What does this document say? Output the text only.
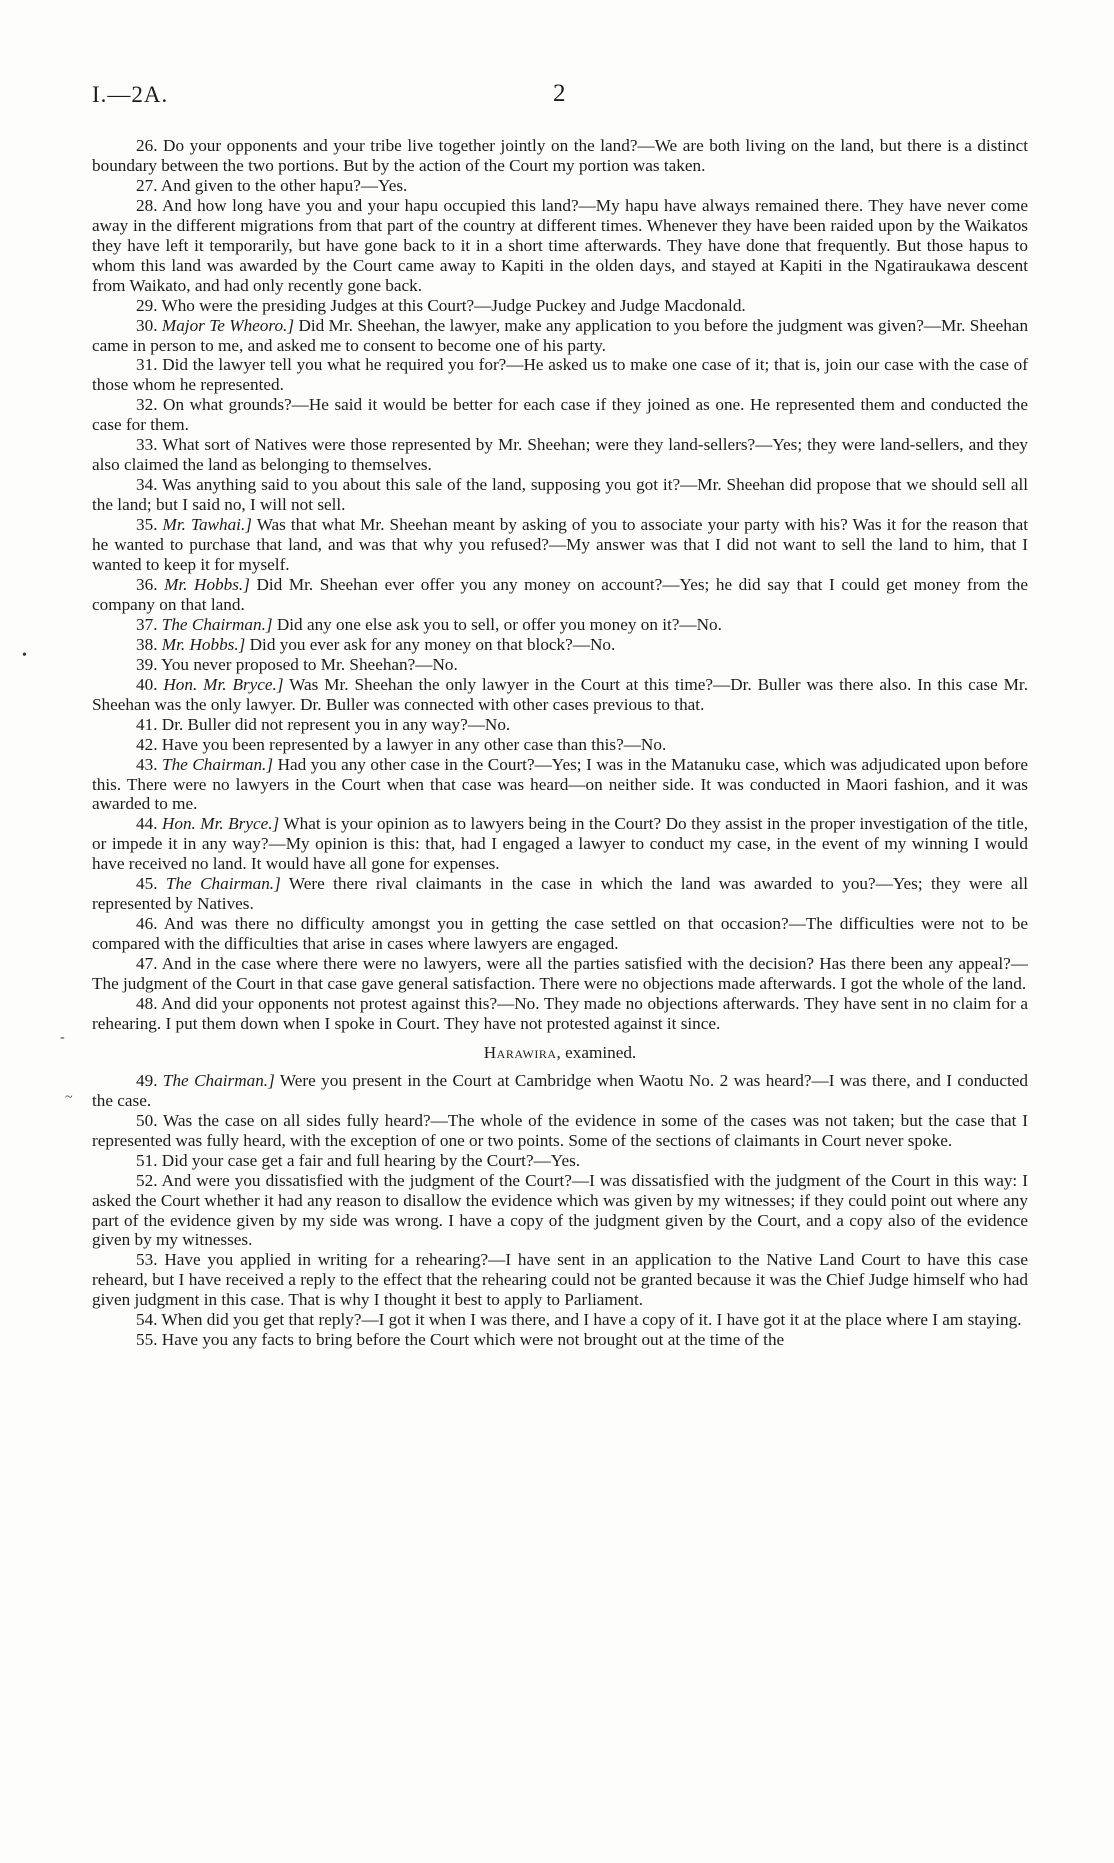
I.—2A.	2

26. Do your opponents and your tribe live together jointly on the land?—We are both living on the land, but there is a distinct boundary between the two portions. But by the action of the Court my portion was taken.

27. And given to the other hapu?—Yes.

28. And how long have you and your hapu occupied this land?—My hapu have always remained there. They have never come away in the different migrations from that part of the country at different times. Whenever they have been raided upon by the Waikatos they have left it temporarily, but have gone back to it in a short time afterwards. They have done that frequently. But those hapus to whom this land was awarded by the Court came away to Kapiti in the olden days, and stayed at Kapiti in the Ngatiraukawa descent from Waikato, and had only recently gone back.

29. Who were the presiding Judges at this Court?—Judge Puckey and Judge Macdonald.

30. Major Te Wheoro.] Did Mr. Sheehan, the lawyer, make any application to you before the judgment was given?—Mr. Sheehan came in person to me, and asked me to consent to become one of his party.

31. Did the lawyer tell you what he required you for?—He asked us to make one case of it; that is, join our case with the case of those whom he represented.

32. On what grounds?—He said it would be better for each case if they joined as one. He represented them and conducted the case for them.

33. What sort of Natives were those represented by Mr. Sheehan; were they land-sellers?—Yes; they were land-sellers, and they also claimed the land as belonging to themselves.

34. Was anything said to you about this sale of the land, supposing you got it?—Mr. Sheehan did propose that we should sell all the land; but I said no, I will not sell.

35. Mr. Tawhai.] Was that what Mr. Sheehan meant by asking of you to associate your party with his? Was it for the reason that he wanted to purchase that land, and was that why you refused?—My answer was that I did not want to sell the land to him, that I wanted to keep it for myself.

36. Mr. Hobbs.] Did Mr. Sheehan ever offer you any money on account?—Yes; he did say that I could get money from the company on that land.

37. The Chairman.] Did any one else ask you to sell, or offer you money on it?—No.

38. Mr. Hobbs.] Did you ever ask for any money on that block?—No.

39. You never proposed to Mr. Sheehan?—No.

40. Hon. Mr. Bryce.] Was Mr. Sheehan the only lawyer in the Court at this time?—Dr. Buller was there also. In this case Mr. Sheehan was the only lawyer. Dr. Buller was connected with other cases previous to that.

41. Dr. Buller did not represent you in any way?—No.

42. Have you been represented by a lawyer in any other case than this?—No.

43. The Chairman.] Had you any other case in the Court?—Yes; I was in the Matanuku case, which was adjudicated upon before this. There were no lawyers in the Court when that case was heard—on neither side. It was conducted in Maori fashion, and it was awarded to me.

44. Hon. Mr. Bryce.] What is your opinion as to lawyers being in the Court? Do they assist in the proper investigation of the title, or impede it in any way?—My opinion is this: that, had I engaged a lawyer to conduct my case, in the event of my winning I would have received no land. It would have all gone for expenses.

45. The Chairman.] Were there rival claimants in the case in which the land was awarded to you?—Yes; they were all represented by Natives.

46. And was there no difficulty amongst you in getting the case settled on that occasion?—The difficulties were not to be compared with the difficulties that arise in cases where lawyers are engaged.

47. And in the case where there were no lawyers, were all the parties satisfied with the decision? Has there been any appeal?—The judgment of the Court in that case gave general satisfaction. There were no objections made afterwards. I got the whole of the land.

48. And did your opponents not protest against this?—No. They made no objections afterwards. They have sent in no claim for a rehearing. I put them down when I spoke in Court. They have not protested against it since.

Harawira, examined.

49. The Chairman.] Were you present in the Court at Cambridge when Waotu No. 2 was heard?—I was there, and I conducted the case.

50. Was the case on all sides fully heard?—The whole of the evidence in some of the cases was not taken; but the case that I represented was fully heard, with the exception of one or two points. Some of the sections of claimants in Court never spoke.

51. Did your case get a fair and full hearing by the Court?—Yes.

52. And were you dissatisfied with the judgment of the Court?—I was dissatisfied with the judgment of the Court in this way: I asked the Court whether it had any reason to disallow the evidence which was given by my witnesses; if they could point out where any part of the evidence given by my side was wrong. I have a copy of the judgment given by the Court, and a copy also of the evidence given by my witnesses.

53. Have you applied in writing for a rehearing?—I have sent in an application to the Native Land Court to have this case reheard, but I have received a reply to the effect that the rehearing could not be granted because it was the Chief Judge himself who had given judgment in this case. That is why I thought it best to apply to Parliament.

54. When did you get that reply?—I got it when I was there, and I have a copy of it. I have got it at the place where I am staying.

55. Have you any facts to bring before the Court which were not brought out at the time of the

•
-
~
